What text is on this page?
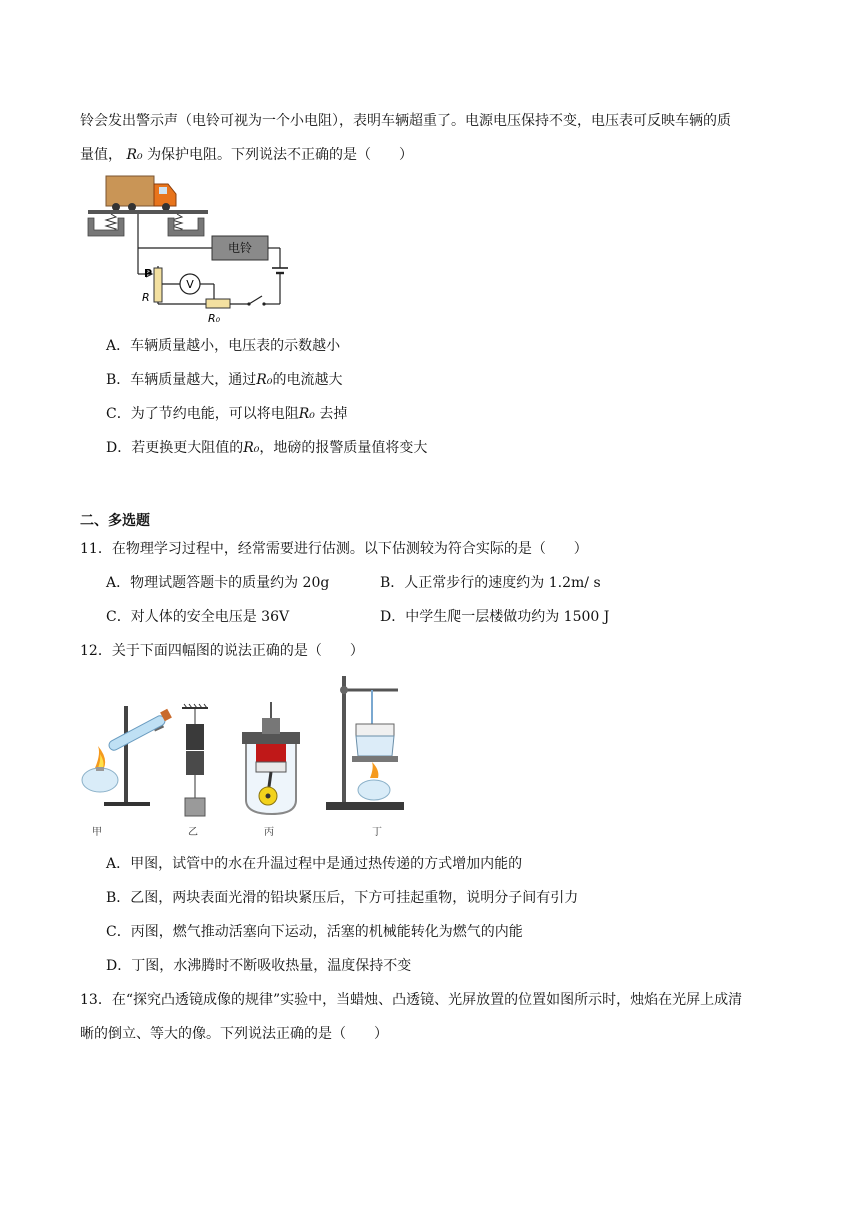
铃会发出警示声（电铃可视为一个小电阻），表明车辆超重了。电源电压保持不变，电压表可反映车辆的质
量值， R₀ 为保护电阻。下列说法不正确的是（　　）
电铃
P
R
V
R₀
A．车辆质量越小，电压表的示数越小
B．车辆质量越大，通过R₀的电流越大
C．为了节约电能，可以将电阻R₀ 去掉
D．若更换更大阻值的R₀，地磅的报警质量值将变大
二、多选题
11．在物理学习过程中，经常需要进行估测。以下估测较为符合实际的是（　　）
A．物理试题答题卡的质量约为 20g	B．人正常步行的速度约为 1.2m/ s
C．对人体的安全电压是 36V	D．中学生爬一层楼做功约为 1500 J
12．关于下面四幅图的说法正确的是（　　）
甲	乙	丙	丁
A．甲图，试管中的水在升温过程中是通过热传递的方式增加内能的
B．乙图，两块表面光滑的铅块紧压后，下方可挂起重物，说明分子间有引力
C．丙图，燃气推动活塞向下运动，活塞的机械能转化为燃气的内能
D．丁图，水沸腾时不断吸收热量，温度保持不变
13．在“探究凸透镜成像的规律”实验中，当蜡烛、凸透镜、光屏放置的位置如图所示时，烛焰在光屏上成清
晰的倒立、等大的像。下列说法正确的是（　　）
